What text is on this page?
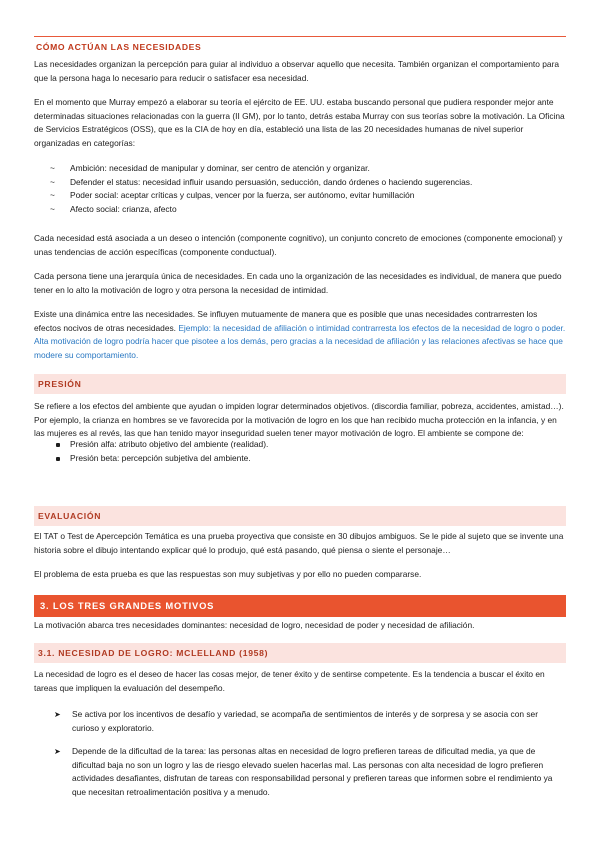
CÓMO ACTÚAN LAS NECESIDADES

Las necesidades organizan la percepción para guiar al individuo a observar aquello que necesita. También organizan el comportamiento para que la persona haga lo necesario para reducir o satisfacer esa necesidad.

En el momento que Murray empezó a elaborar su teoría el ejército de EE. UU. estaba buscando personal que pudiera responder mejor ante determinadas situaciones relacionadas con la guerra (II GM), por lo tanto, detrás estaba Murray con sus teorías sobre la motivación. La Oficina de Servicios Estratégicos (OSS), que es la CIA de hoy en día, estableció una lista de las 20 necesidades humanas de nivel superior organizadas en categorías:

~ Ambición: necesidad de manipular y dominar, ser centro de atención y organizar.
~ Defender el status: necesidad influir usando persuasión, seducción, dando órdenes o haciendo sugerencias.
~ Poder social: aceptar críticas y culpas, vencer por la fuerza, ser autónomo, evitar humillación
~ Afecto social: crianza, afecto

Cada necesidad está asociada a un deseo o intención (componente cognitivo), un conjunto concreto de emociones (componente emocional) y unas tendencias de acción específicas (componente conductual).

Cada persona tiene una jerarquía única de necesidades. En cada uno la organización de las necesidades es individual, de manera que puedo tener en lo alto la motivación de logro y otra persona la necesidad de intimidad.

Existe una dinámica entre las necesidades. Se influyen mutuamente de manera que es posible que unas necesidades contrarresten los efectos nocivos de otras necesidades. Ejemplo: la necesidad de afiliación o intimidad contrarresta los efectos de la necesidad de logro o poder. Alta motivación de logro podría hacer que pisotee a los demás, pero gracias a la necesidad de afiliación y las relaciones afectivas se hace que modere su comportamiento.

PRESIÓN

Se refiere a los efectos del ambiente que ayudan o impiden lograr determinados objetivos. (discordia familiar, pobreza, accidentes, amistad…). Por ejemplo, la crianza en hombres se ve favorecida por la motivación de logro en los que han recibido mucha protección en la infancia, y en las mujeres es al revés, las que han tenido mayor inseguridad suelen tener mayor motivación de logro. El ambiente se compone de:

Presión alfa: atributo objetivo del ambiente (realidad).
Presión beta: percepción subjetiva del ambiente.
EVALUACIÓN

El TAT o Test de Apercepción Temática es una prueba proyectiva que consiste en 30 dibujos ambiguos. Se le pide al sujeto que se invente una historia sobre el dibujo intentando explicar qué lo produjo, qué está pasando, qué piensa o siente el personaje…

El problema de esta prueba es que las respuestas son muy subjetivas y por ello no pueden compararse.

3. LOS TRES GRANDES MOTIVOS

La motivación abarca tres necesidades dominantes: necesidad de logro, necesidad de poder y necesidad de afiliación.

3.1. NECESIDAD DE LOGRO: MCLELLAND (1958)

La necesidad de logro es el deseo de hacer las cosas mejor, de tener éxito y de sentirse competente. Es la tendencia a buscar el éxito en tareas que impliquen la evaluación del desempeño.

➤ Se activa por los incentivos de desafío y variedad, se acompaña de sentimientos de interés y de sorpresa y se asocia con ser curioso y exploratorio.
➤ Depende de la dificultad de la tarea: las personas altas en necesidad de logro prefieren tareas de dificultad media, ya que de dificultad baja no son un logro y las de riesgo elevado suelen hacerlas mal. Las personas con alta necesidad de logro prefieren actividades desafiantes, disfrutan de tareas con responsabilidad personal y prefieren tareas que informen sobre el rendimiento ya que necesitan retroalimentación positiva y a menudo.
